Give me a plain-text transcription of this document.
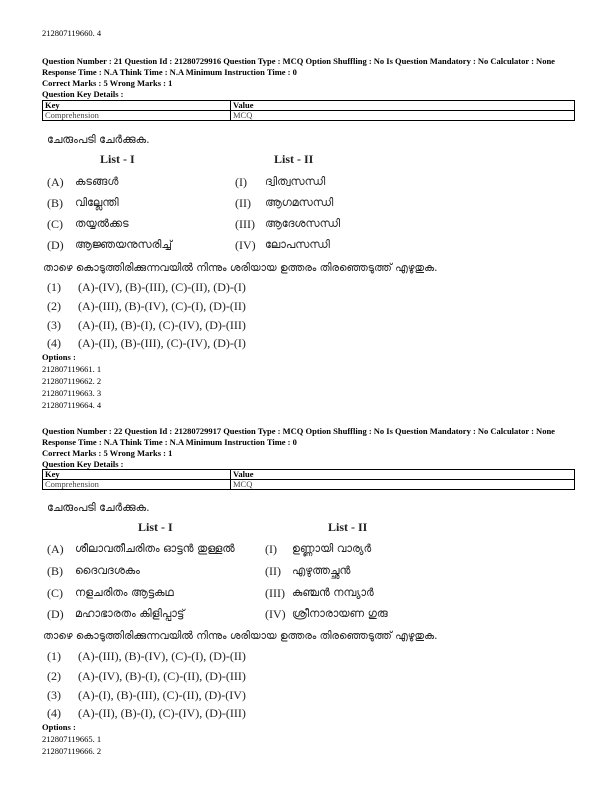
212807119660. 4
Question Number : 21 Question Id : 21280729916 Question Type : MCQ Option Shuffling : No Is Question Mandatory : No Calculator : None
Response Time : N.A Think Time : N.A Minimum Instruction Time : 0
Correct Marks : 5 Wrong Marks : 1
Question Key Details :
Key	Value
Comprehension	MCQ
ചേരുംപടി ചേർക്കുക.
List - I	List - II
(A) കടങ്ങൾ	(I) ദ്വിത്വസന്ധി
(B) വില്ലേന്തി	(II) ആഗമസന്ധി
(C) തയ്യൽക്കട	(III) ആദേശസന്ധി
(D) ആജ്ഞയനുസരിച്ച്	(IV) ലോപസന്ധി
താഴെ കൊടുത്തിരിക്കുന്നവയിൽ നിന്നും ശരിയായ ഉത്തരം തിരഞ്ഞെടുത്ത് എഴുതുക.
(1) (A)-(IV), (B)-(III), (C)-(II), (D)-(I)
(2) (A)-(III), (B)-(IV), (C)-(I), (D)-(II)
(3) (A)-(II), (B)-(I), (C)-(IV), (D)-(III)
(4) (A)-(II), (B)-(III), (C)-(IV), (D)-(I)
Options :
212807119661. 1
212807119662. 2
212807119663. 3
212807119664. 4
Question Number : 22 Question Id : 21280729917 Question Type : MCQ Option Shuffling : No Is Question Mandatory : No Calculator : None
Response Time : N.A Think Time : N.A Minimum Instruction Time : 0
Correct Marks : 5 Wrong Marks : 1
Question Key Details :
Key	Value
Comprehension	MCQ
ചേരുംപടി ചേർക്കുക.
List - I	List - II
(A) ശീലാവതീചരിതം ഓട്ടൻ തുള്ളൽ	(I) ഉണ്ണായി വാര്യർ
(B) ദൈവദശകം	(II) എഴുത്തച്ഛൻ
(C) നളചരിതം ആട്ടകഥ	(III) കുഞ്ചൻ നമ്പ്യാർ
(D) മഹാഭാരതം കിളിപ്പാട്ട്	(IV) ശ്രീനാരായണ ഗുരു
താഴെ കൊടുത്തിരിക്കുന്നവയിൽ നിന്നും ശരിയായ ഉത്തരം തിരഞ്ഞെടുത്ത് എഴുതുക.
(1) (A)-(III), (B)-(IV), (C)-(I), (D)-(II)
(2) (A)-(IV), (B)-(I), (C)-(II), (D)-(III)
(3) (A)-(I), (B)-(III), (C)-(II), (D)-(IV)
(4) (A)-(II), (B)-(I), (C)-(IV), (D)-(III)
Options :
212807119665. 1
212807119666. 2
